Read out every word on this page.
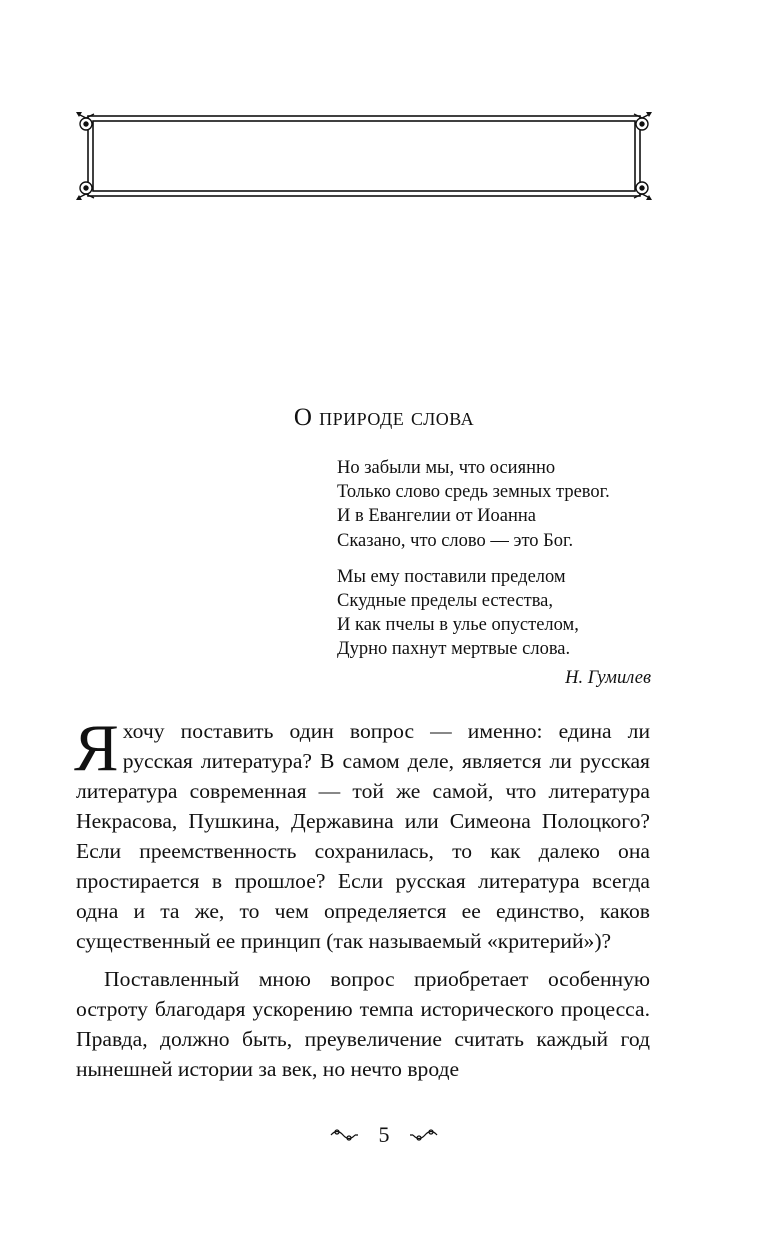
О природе слова
Но забыли мы, что осиянно
Только слово средь земных тревог.
И в Евангелии от Иоанна
Сказано, что слово — это Бог.
Мы ему поставили пределом
Скудные пределы естества,
И как пчелы в улье опустелом,
Дурно пахнут мертвые слова.
Н. Гумилев

Я хочу поставить один вопрос — именно: едина ли русская литература? В самом деле, является ли русская литература современная — той же самой, что литература Некрасова, Пушкина, Державина или Симеона Полоцкого? Если преемственность сохранилась, то как далеко она простирается в прошлое? Если русская литература всегда одна и та же, то чем определяется ее единство, каков существенный ее принцип (так называемый «критерий»)?

Поставленный мною вопрос приобретает особенную остроту благодаря ускорению темпа исторического процесса. Правда, должно быть, преувеличение считать каждый год нынешней истории за век, но нечто вроде

5
